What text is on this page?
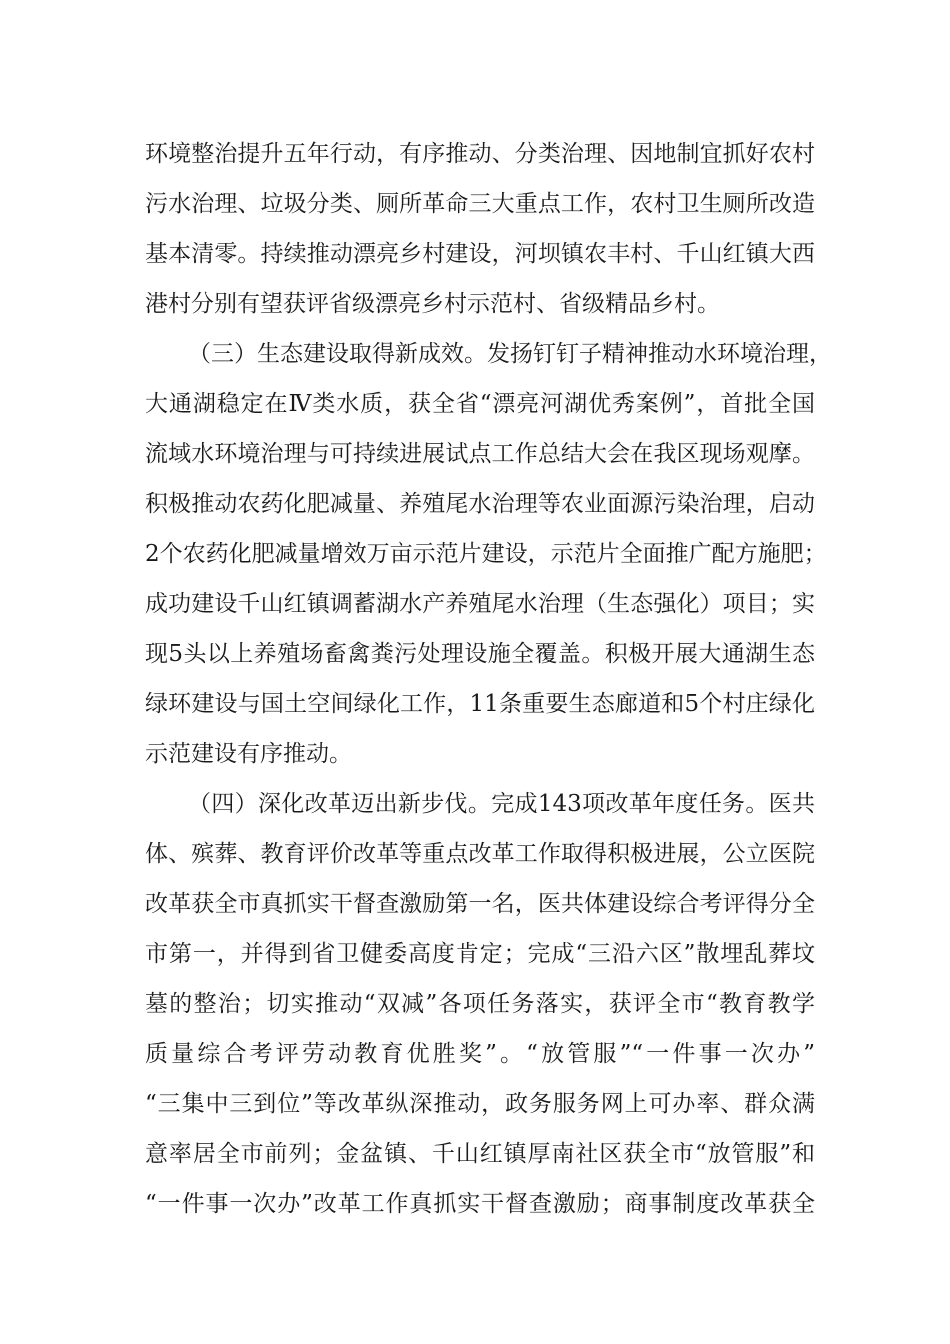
环境整治提升五年行动，有序推动、分类治理、因地制宜抓好农村
污水治理、垃圾分类、厕所革命三大重点工作，农村卫生厕所改造
基本清零。持续推动漂亮乡村建设，河坝镇农丰村、千山红镇大西
港村分别有望获评省级漂亮乡村示范村、省级精品乡村。
（三）生态建设取得新成效。发扬钉钉子精神推动水环境治理，
大通湖稳定在Ⅳ类水质，获全省“漂亮河湖优秀案例”，首批全国
流域水环境治理与可持续进展试点工作总结大会在我区现场观摩。
积极推动农药化肥减量、养殖尾水治理等农业面源污染治理，启动
2个农药化肥减量增效万亩示范片建设，示范片全面推广配方施肥；
成功建设千山红镇调蓄湖水产养殖尾水治理（生态强化）项目；实
现5头以上养殖场畜禽粪污处理设施全覆盖。积极开展大通湖生态
绿环建设与国土空间绿化工作，11条重要生态廊道和5个村庄绿化
示范建设有序推动。
（四）深化改革迈出新步伐。完成143项改革年度任务。医共
体、殡葬、教育评价改革等重点改革工作取得积极进展，公立医院
改革获全市真抓实干督查激励第一名，医共体建设综合考评得分全
市第一，并得到省卫健委高度肯定；完成“三沿六区”散埋乱葬坟
墓的整治；切实推动“双减”各项任务落实，获评全市“教育教学
质量综合考评劳动教育优胜奖”。“放管服”“一件事一次办”
“三集中三到位”等改革纵深推动，政务服务网上可办率、群众满
意率居全市前列；金盆镇、千山红镇厚南社区获全市“放管服”和
“一件事一次办”改革工作真抓实干督查激励；商事制度改革获全
